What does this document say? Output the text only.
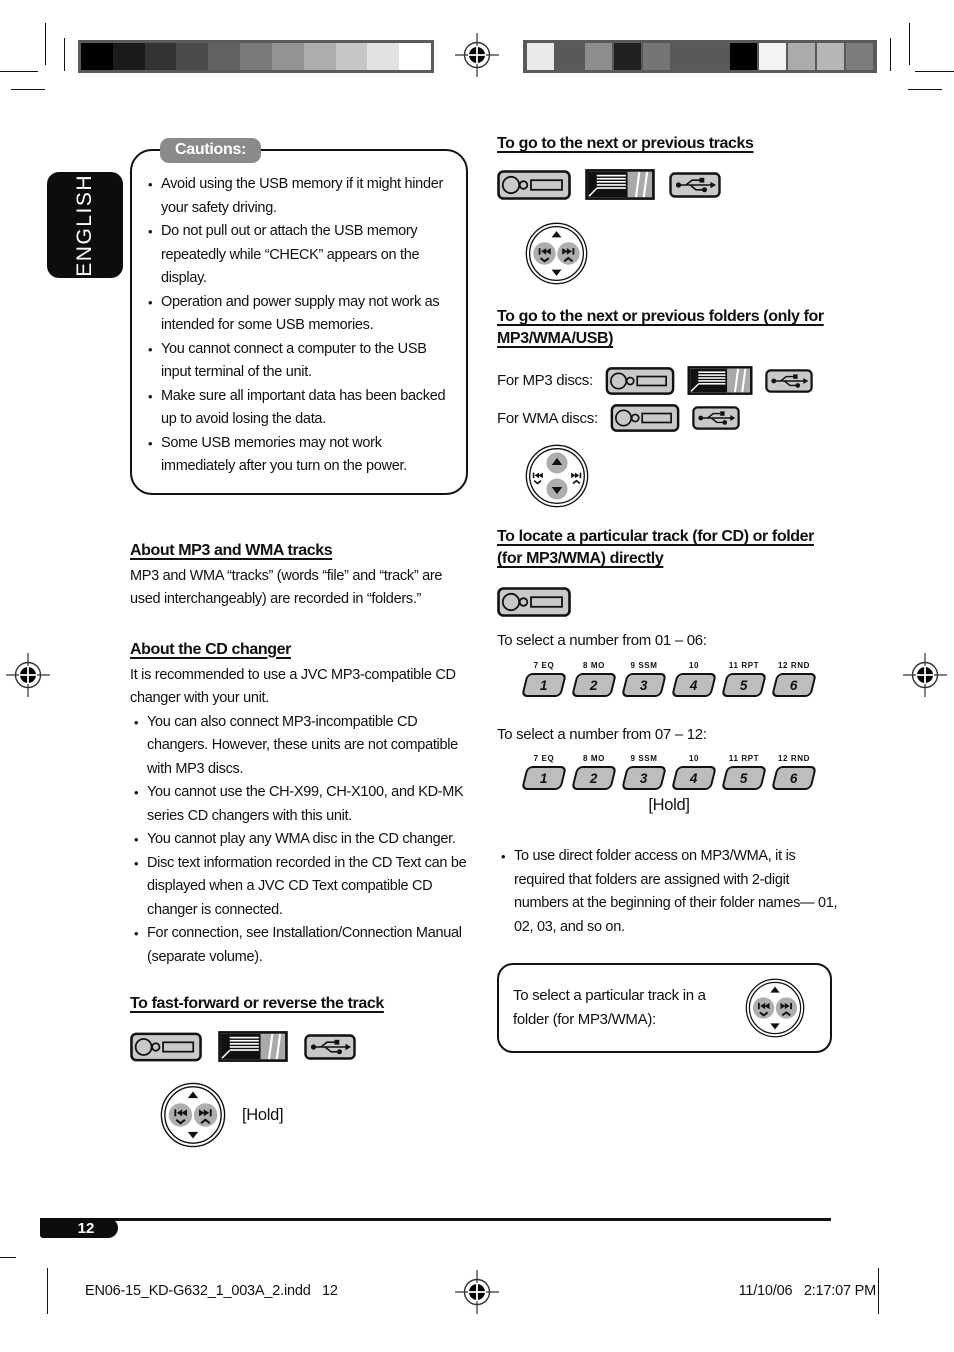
ENGLISH
Cautions:
• Avoid using the USB memory if it might hinder your safety driving.
• Do not pull out or attach the USB memory repeatedly while “CHECK” appears on the display.
• Operation and power supply may not work as intended for some USB memories.
• You cannot connect a computer to the USB input terminal of the unit.
• Make sure all important data has been backed up to avoid losing the data.
• Some USB memories may not work immediately after you turn on the power.
About MP3 and WMA tracks

MP3 and WMA “tracks” (words “file” and “track” are used interchangeably) are recorded in “folders.”

About the CD changer

It is recommended to use a JVC MP3-compatible CD changer with your unit.

• You can also connect MP3-incompatible CD changers. However, these units are not compatible with MP3 discs.
• You cannot use the CH-X99, CH-X100, and KD-MK series CD changers with this unit.
• You cannot play any WMA disc in the CD changer.
• Disc text information recorded in the CD Text can be displayed when a JVC CD Text compatible CD changer is connected.
• For connection, see Installation/Connection Manual (separate volume).
To fast-forward or reverse the track
[Hold]
To go to the next or previous tracks
To go to the next or previous folders (only for MP3/WMA/USB)
For MP3 discs:
For WMA discs:
To locate a particular track (for CD) or folder (for MP3/WMA) directly

To select a number from 01 – 06:

7 EQ
1
8 MO
2
9 SSM
3
10
4
11 RPT
5
12 RND
6

To select a number from 07 – 12:

7 EQ
1
8 MO
2
9 SSM
3
10
4
11 RPT
5
12 RND
6
[Hold]
• To use direct folder access on MP3/WMA, it is required that folders are assigned with 2-digit numbers at the beginning of their folder names— 01, 02, 03, and so on.
To select a particular track in a folder (for MP3/WMA):
12
EN06-15_KD-G632_1_003A_2.indd   12	11/10/06   2:17:07 PM
